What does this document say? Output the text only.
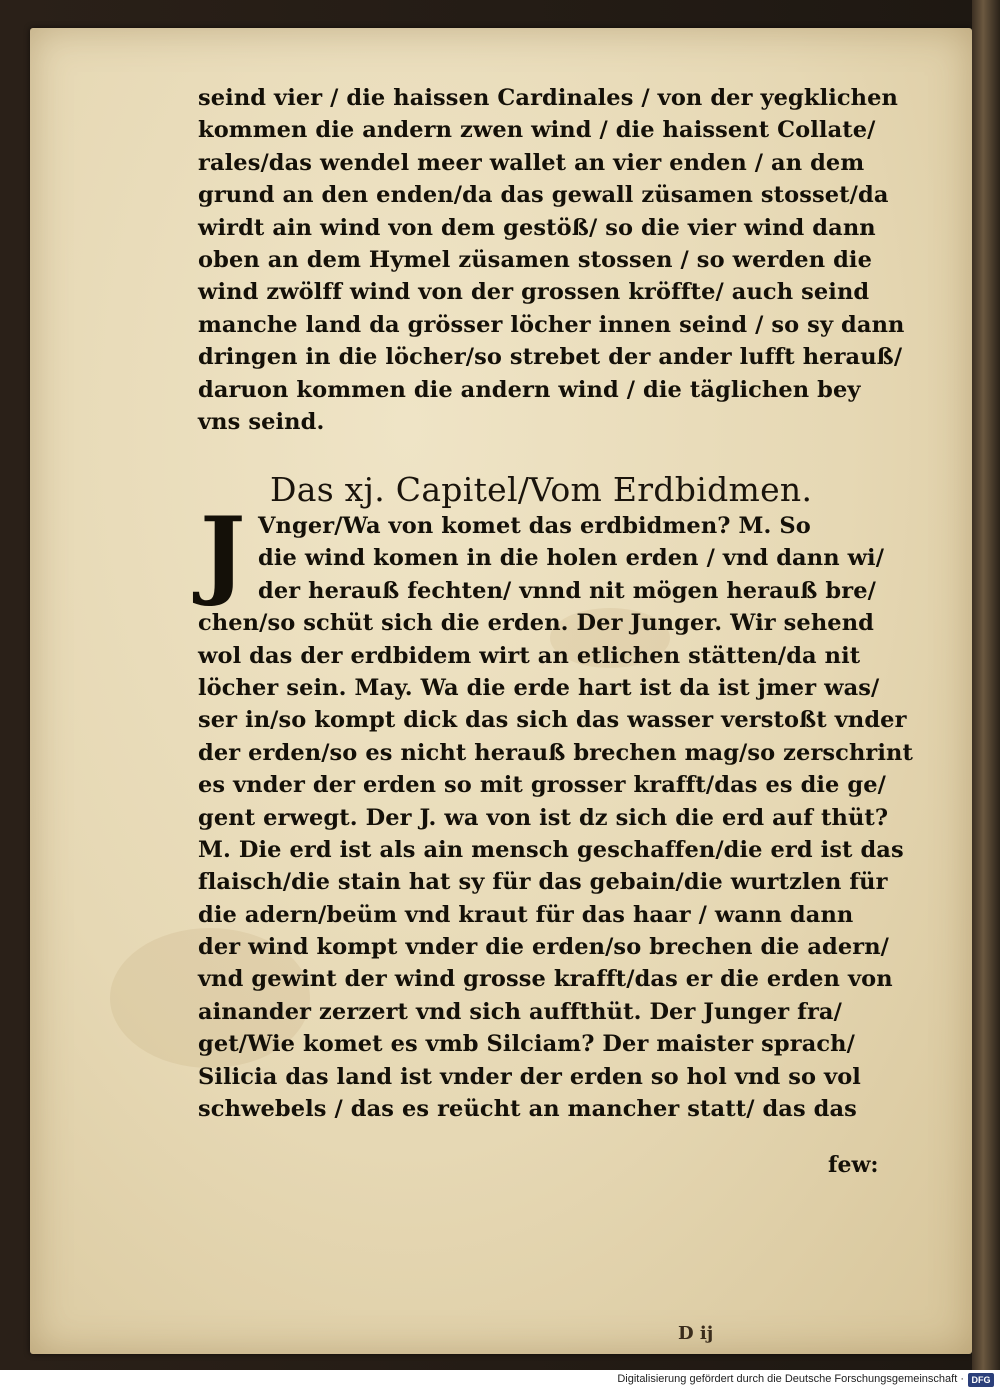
seind vier / die haissen Cardinales / von der yegklichen
kommen die andern zwen wind / die haissent Collate/
rales/das wendel meer wallet an vier enden / an dem
grund an den enden/da das gewall züsamen stosset/da
wirdt ain wind von dem gestöß/ so die vier wind dann
oben an dem Hymel züsamen stossen / so werden die
wind zwölff wind von der grossen kröffte/ auch seind
manche land da grösser löcher innen seind / so sy dann
dringen in die löcher/so strebet der ander lufft herauß/
daruon kommen die andern wind / die täglichen bey
vns seind.
Das xj. Capitel/Vom Erdbidmen.
J Vnger/Wa von komet das erdbidmen? M. So
die wind komen in die holen erden / vnd dann wi/
der herauß fechten/ vnnd nit mögen herauß bre/
chen/so schüt sich die erden. Der Junger. Wir sehend
wol das der erdbidem wirt an etlichen stätten/da nit
löcher sein. May. Wa die erde hart ist da ist jmer was/
ser in/so kompt dick das sich das wasser verstoßt vnder
der erden/so es nicht herauß brechen mag/so zerschrint
es vnder der erden so mit grosser krafft/das es die ge/
gent erwegt. Der J. wa von ist dz sich die erd auf thüt?
M. Die erd ist als ain mensch geschaffen/die erd ist das
flaisch/die stain hat sy für das gebain/die wurtzlen für
die adern/beüm vnd kraut für das haar / wann dann
der wind kompt vnder die erden/so brechen die adern/
vnd gewint der wind grosse krafft/das er die erden von
ainander zerzert vnd sich auffthüt. Der Junger fra/
get/Wie komet es vmb Silciam? Der maister sprach/
Silicia das land ist vnder der erden so hol vnd so vol
schwebels / das es reücht an mancher statt/ das das
few:
D ij
Digitalisierung gefördert durch die Deutsche Forschungsgemeinschaft · DFG
